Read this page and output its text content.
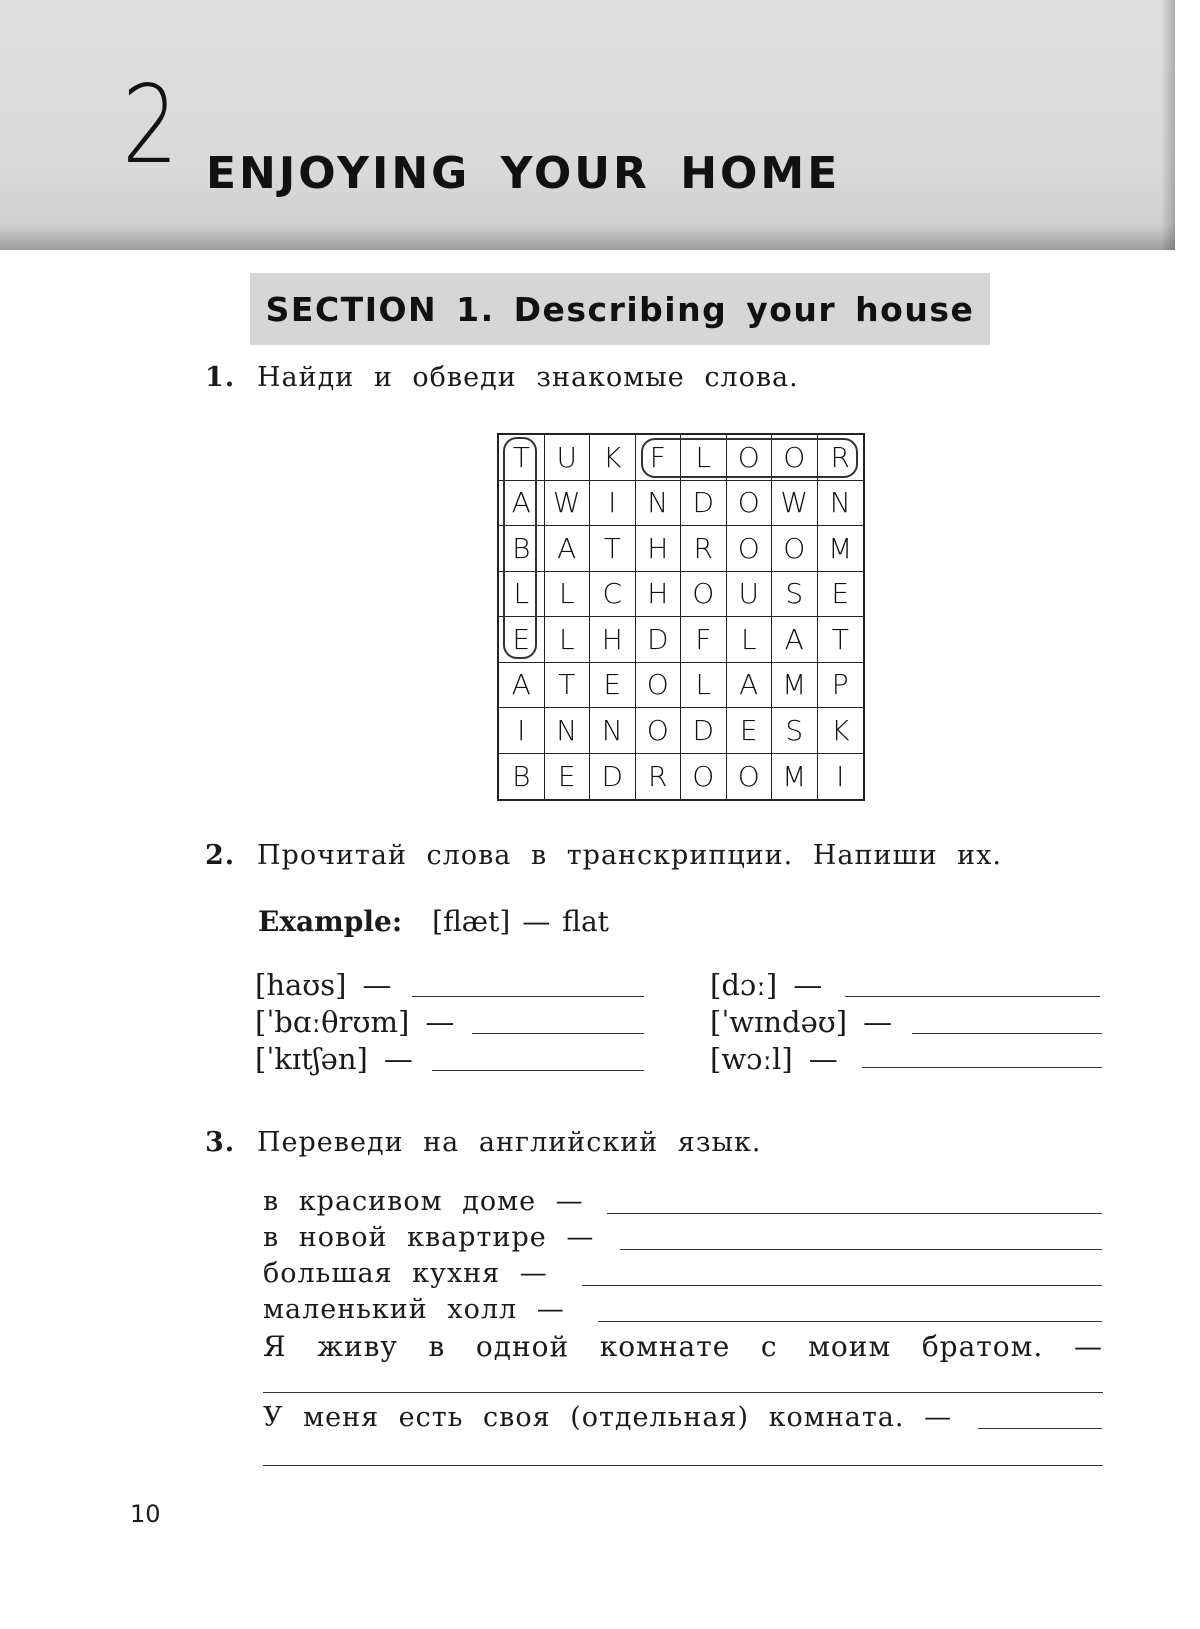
2 ENJOYING YOUR HOME
SECTION 1. Describing your house
1. Найди и обведи знакомые слова.
T U K	F	L O O R
A W I	N D O W N
B A T H R O O M
L	L C H O U S	E
E	L H D F	L	A T
A T	E O L	A M P
I	N N O D E S K
B E D R O O M	I
2. Прочитай слова в транскрипции. Напиши их.
Example: [flæt] — flat
[haʊs] —
[ˈbɑːθrʊm] —
[ˈkɪtʃən] —
[dɔː] —
[ˈwɪndəʊ] —
[wɔːl] —
3. Переведи на английский язык.
в красивом доме —
в новой квартире —
большая кухня —
маленький холл —
Я живу в одной комнате с моим братом. —
У меня есть своя (отдельная) комната. —
10
